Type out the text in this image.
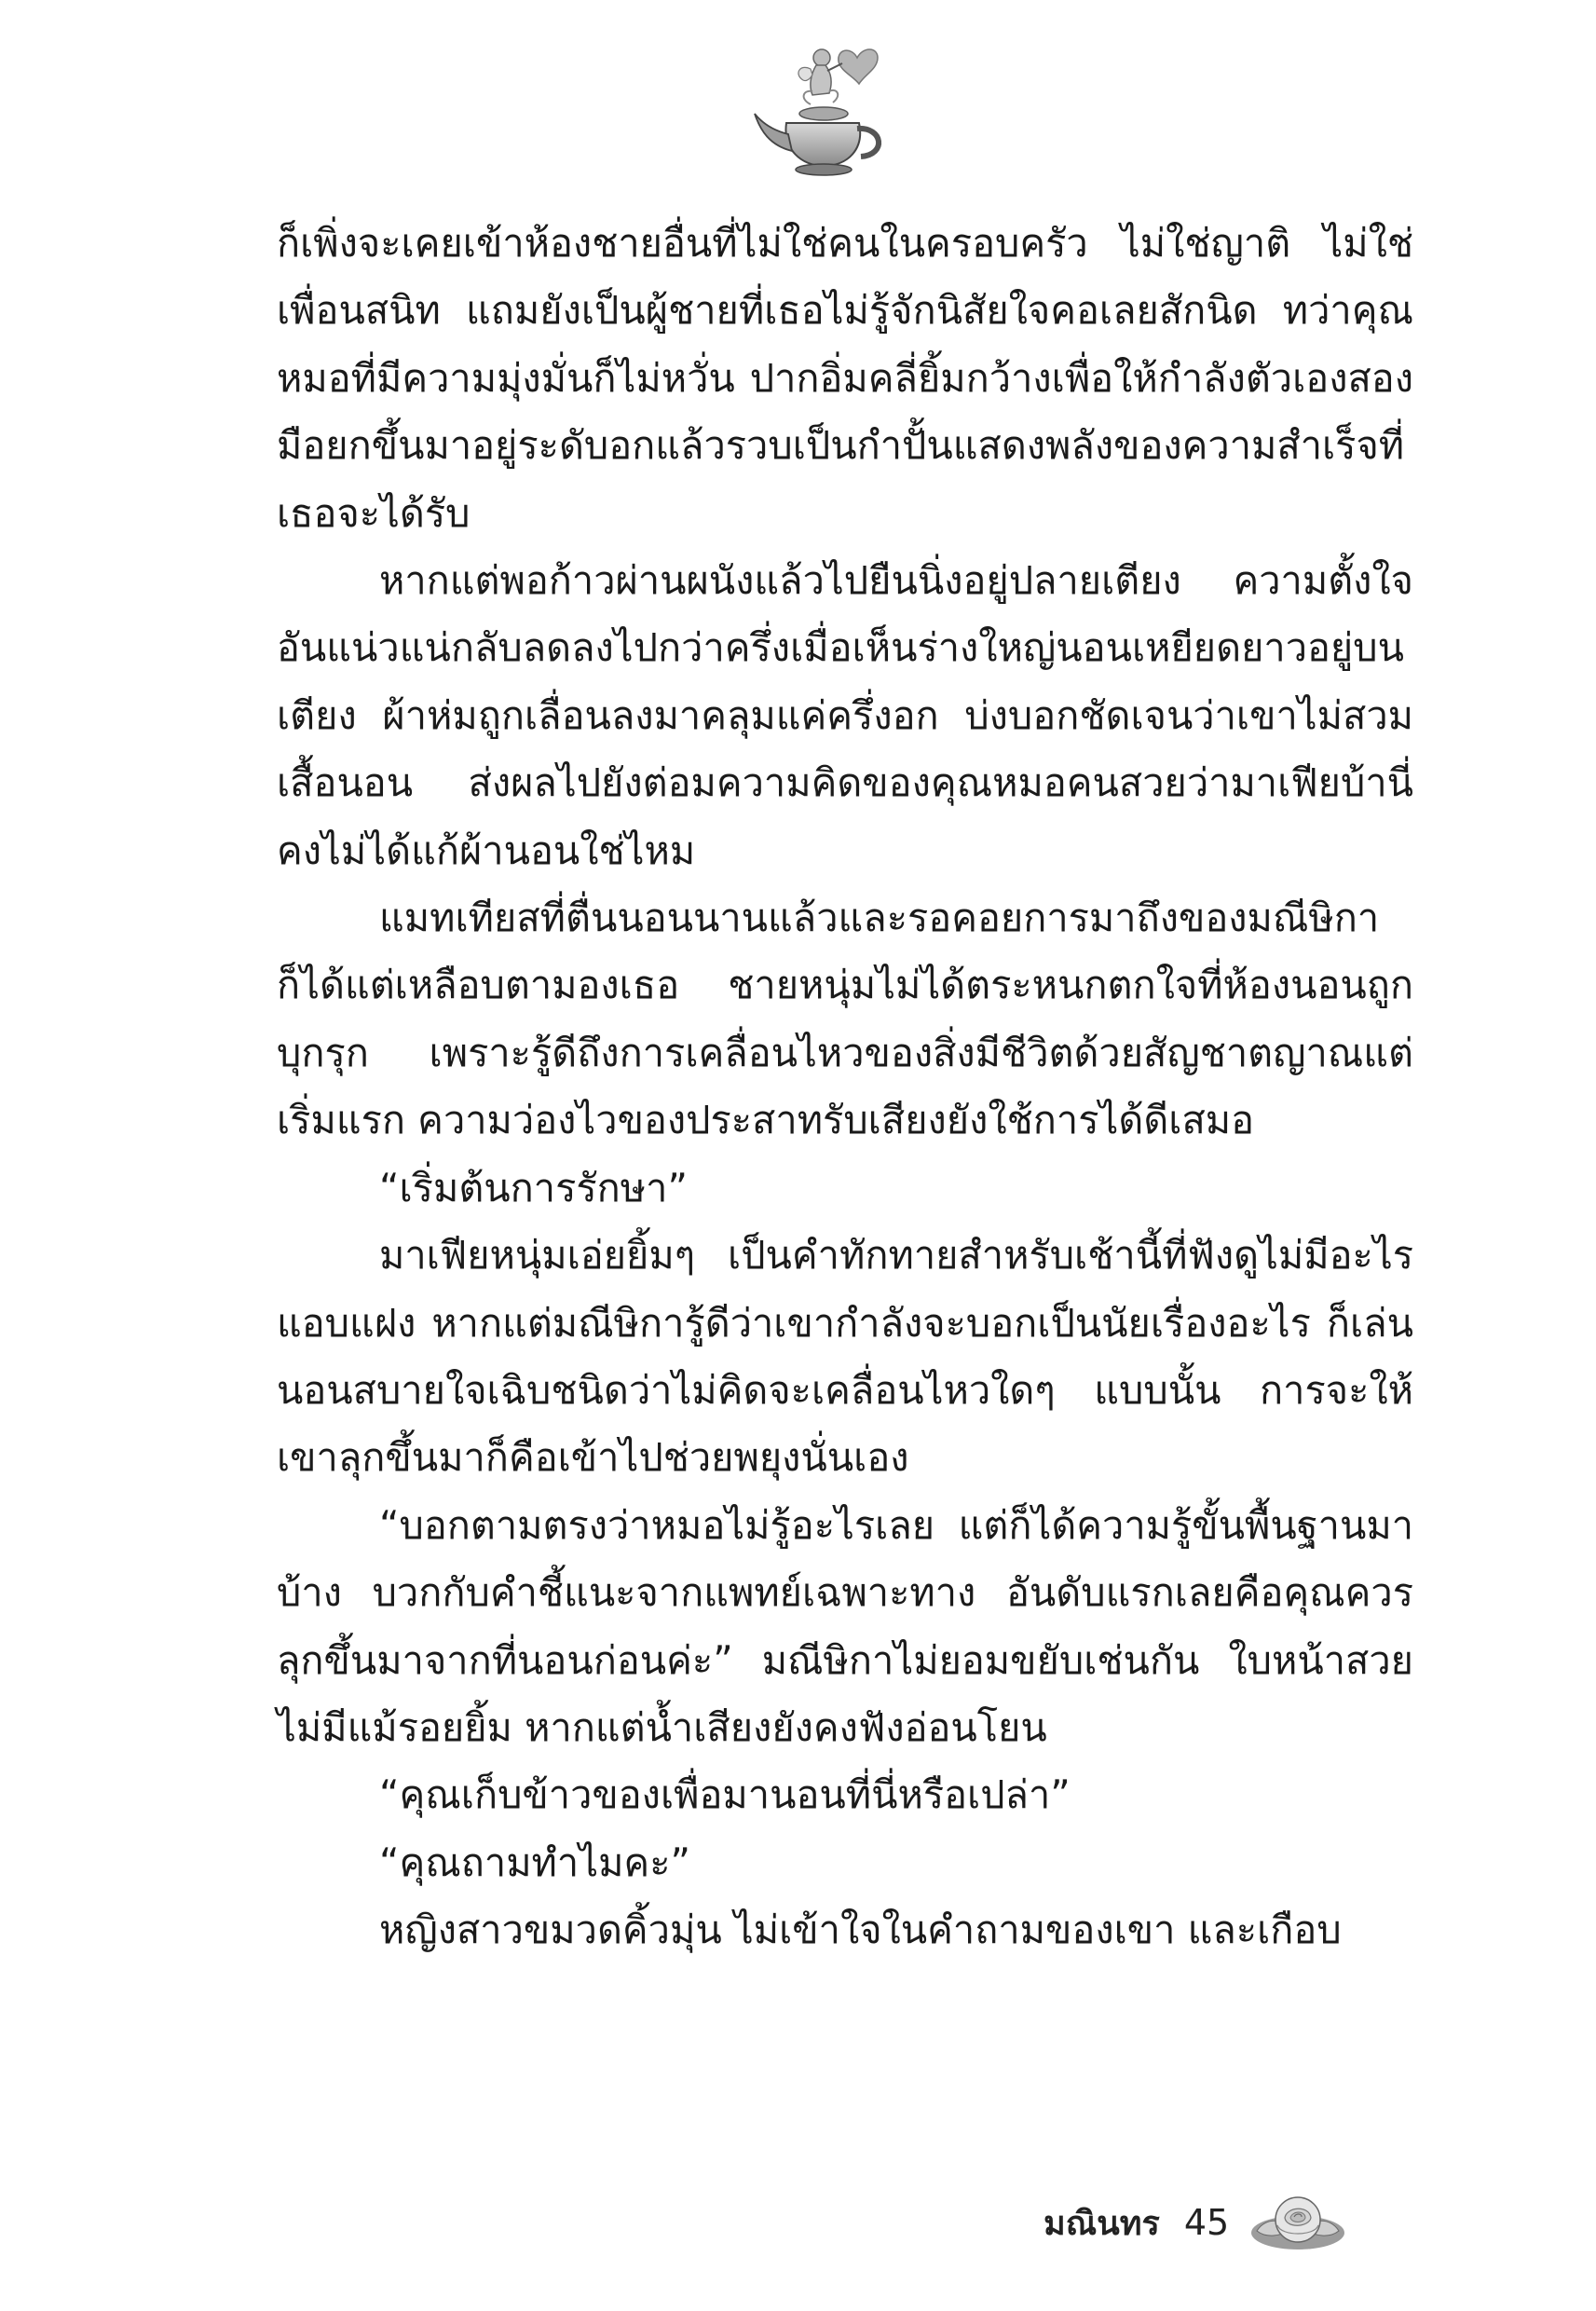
ก็เพิ่งจะเคยเข้าห้องชายอื่นที่ไม่ใช่คนในครอบครัว ไม่ใช่ญาติ ไม่ใช่เพื่อนสนิท แถมยังเป็นผู้ชายที่เธอไม่รู้จักนิสัยใจคอเลยสักนิด ทว่าคุณหมอที่มีความมุ่งมั่นก็ไม่หวั่น ปากอิ่มคลี่ยิ้มกว้างเพื่อให้กำลังตัวเองสองมือยกขึ้นมาอยู่ระดับอกแล้วรวบเป็นกำปั้นแสดงพลังของความสำเร็จที่เธอจะได้รับ

หากแต่พอก้าวผ่านผนังแล้วไปยืนนิ่งอยู่ปลายเตียง ความตั้งใจอันแน่วแน่กลับลดลงไปกว่าครึ่งเมื่อเห็นร่างใหญ่นอนเหยียดยาวอยู่บนเตียง ผ้าห่มถูกเลื่อนลงมาคลุมแค่ครึ่งอก บ่งบอกชัดเจนว่าเขาไม่สวมเสื้อนอน ส่งผลไปยังต่อมความคิดของคุณหมอคนสวยว่ามาเฟียบ้านี่คงไม่ได้แก้ผ้านอนใช่ไหม

แมทเทียสที่ตื่นนอนนานแล้วและรอคอยการมาถึงของมณีษิกาก็ได้แต่เหลือบตามองเธอ ชายหนุ่มไม่ได้ตระหนกตกใจที่ห้องนอนถูกบุกรุก เพราะรู้ดีถึงการเคลื่อนไหวของสิ่งมีชีวิตด้วยสัญชาตญาณแต่เริ่มแรก ความว่องไวของประสาทรับเสียงยังใช้การได้ดีเสมอ

“เริ่มต้นการรักษา”

มาเฟียหนุ่มเอ่ยยิ้มๆ เป็นคำทักทายสำหรับเช้านี้ที่ฟังดูไม่มีอะไรแอบแฝง หากแต่มณีษิการู้ดีว่าเขากำลังจะบอกเป็นนัยเรื่องอะไร ก็เล่นนอนสบายใจเฉิบชนิดว่าไม่คิดจะเคลื่อนไหวใดๆ แบบนั้น การจะให้เขาลุกขึ้นมาก็คือเข้าไปช่วยพยุงนั่นเอง

“บอกตามตรงว่าหมอไม่รู้อะไรเลย แต่ก็ได้ความรู้ขั้นพื้นฐานมาบ้าง บวกกับคำชี้แนะจากแพทย์เฉพาะทาง อันดับแรกเลยคือคุณควรลุกขึ้นมาจากที่นอนก่อนค่ะ” มณีษิกาไม่ยอมขยับเช่นกัน ใบหน้าสวยไม่มีแม้รอยยิ้ม หากแต่น้ำเสียงยังคงฟังอ่อนโยน

“คุณเก็บข้าวของเพื่อมานอนที่นี่หรือเปล่า”

“คุณถามทำไมคะ”

หญิงสาวขมวดคิ้วมุ่น ไม่เข้าใจในคำถามของเขา และเกือบ

มณินทร 45
